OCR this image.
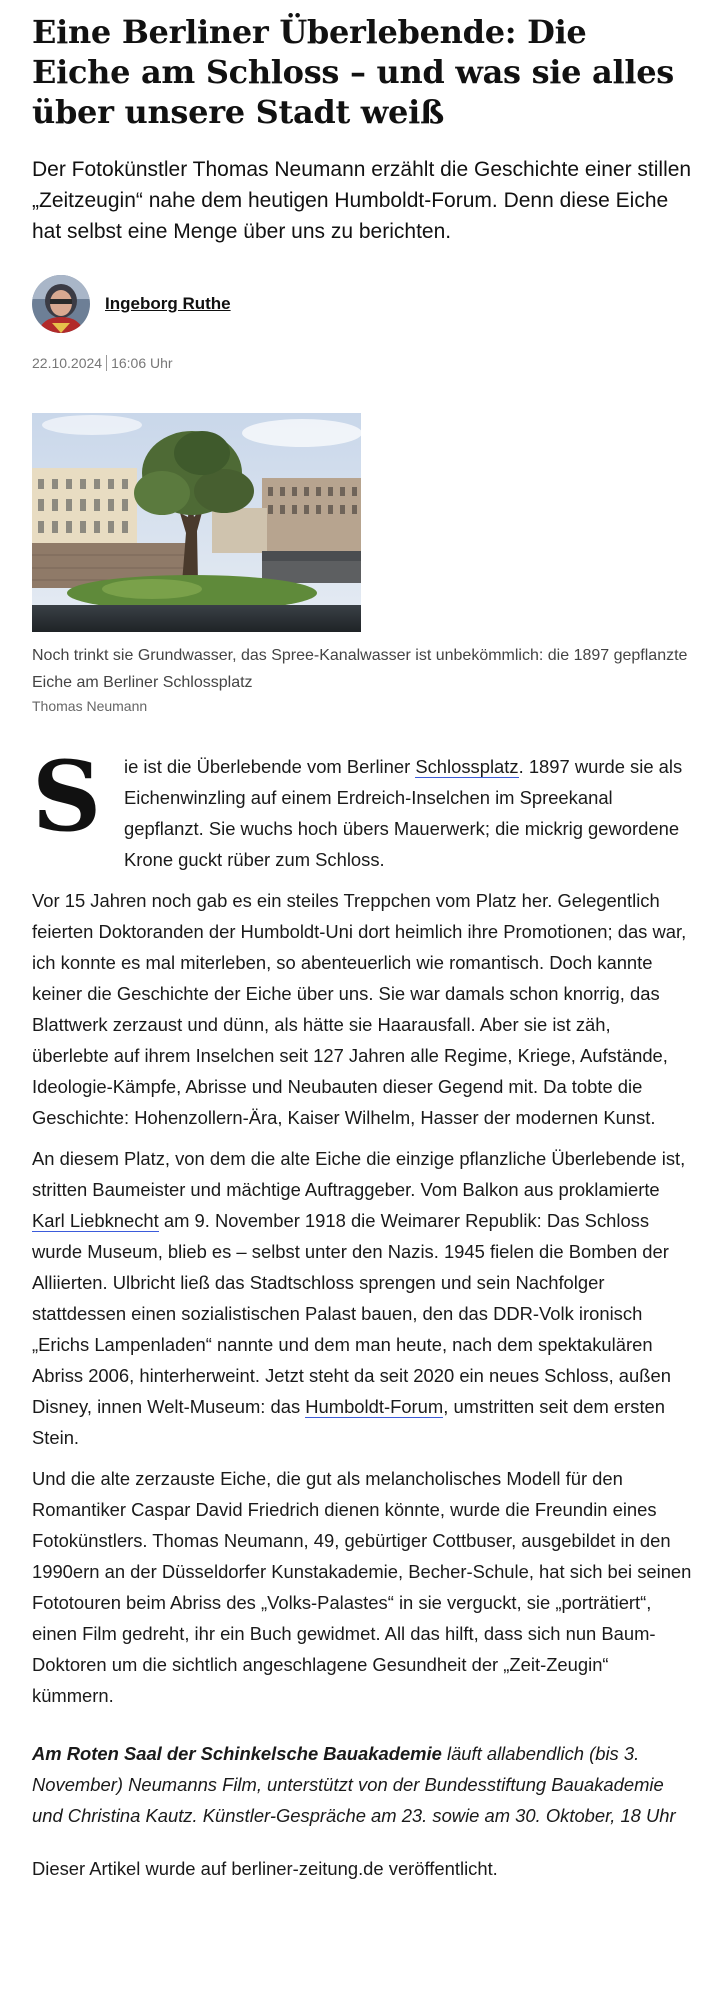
Eine Berliner Überlebende: Die Eiche am Schloss – und was sie alles über unsere Stadt weiß

Der Fotokünstler Thomas Neumann erzählt die Geschichte einer stillen „Zeitzeugin“ nahe dem heutigen Humboldt-Forum. Denn diese Eiche hat selbst eine Menge über uns zu berichten.

Ingeborg Ruthe
22.10.2024 16:06 Uhr
Noch trinkt sie Grundwasser, das Spree-Kanalwasser ist unbekömmlich: die 1897 gepflanzte Eiche am Berliner Schlossplatz
Thomas Neumann
S ie ist die Überlebende vom Berliner Schlossplatz. 1897 wurde sie als Eichenwinzling auf einem Erdreich-Inselchen im Spreekanal gepflanzt. Sie wuchs hoch übers Mauerwerk; die mickrig gewordene Krone guckt rüber zum Schloss.

Vor 15 Jahren noch gab es ein steiles Treppchen vom Platz her. Gelegentlich feierten Doktoranden der Humboldt-Uni dort heimlich ihre Promotionen; das war, ich konnte es mal miterleben, so abenteuerlich wie romantisch. Doch kannte keiner die Geschichte der Eiche über uns. Sie war damals schon knorrig, das Blattwerk zerzaust und dünn, als hätte sie Haarausfall. Aber sie ist zäh, überlebte auf ihrem Inselchen seit 127 Jahren alle Regime, Kriege, Aufstände, Ideologie-Kämpfe, Abrisse und Neubauten dieser Gegend mit. Da tobte die Geschichte: Hohenzollern-Ära, Kaiser Wilhelm, Hasser der modernen Kunst.

An diesem Platz, von dem die alte Eiche die einzige pflanzliche Überlebende ist, stritten Baumeister und mächtige Auftraggeber. Vom Balkon aus proklamierte Karl Liebknecht am 9. November 1918 die Weimarer Republik: Das Schloss wurde Museum, blieb es – selbst unter den Nazis. 1945 fielen die Bomben der Alliierten. Ulbricht ließ das Stadtschloss sprengen und sein Nachfolger stattdessen einen sozialistischen Palast bauen, den das DDR-Volk ironisch „Erichs Lampenladen“ nannte und dem man heute, nach dem spektakulären Abriss 2006, hinterherweint. Jetzt steht da seit 2020 ein neues Schloss, außen Disney, innen Welt-Museum: das Humboldt-Forum, umstritten seit dem ersten Stein.

Und die alte zerzauste Eiche, die gut als melancholisches Modell für den Romantiker Caspar David Friedrich dienen könnte, wurde die Freundin eines Fotokünstlers. Thomas Neumann, 49, gebürtiger Cottbuser, ausgebildet in den 1990ern an der Düsseldorfer Kunstakademie, Becher-Schule, hat sich bei seinen Fototouren beim Abriss des „Volks-Palastes“ in sie verguckt, sie „porträtiert“, einen Film gedreht, ihr ein Buch gewidmet. All das hilft, dass sich nun Baum-Doktoren um die sichtlich angeschlagene Gesundheit der „Zeit-Zeugin“ kümmern.

Am Roten Saal der Schinkelsche Bauakademie läuft allabendlich (bis 3. November) Neumanns Film, unterstützt von der Bundesstiftung Bauakademie und Christina Kautz. Künstler-Gespräche am 23. sowie am 30. Oktober, 18 Uhr

Dieser Artikel wurde auf berliner-zeitung.de veröffentlicht.
